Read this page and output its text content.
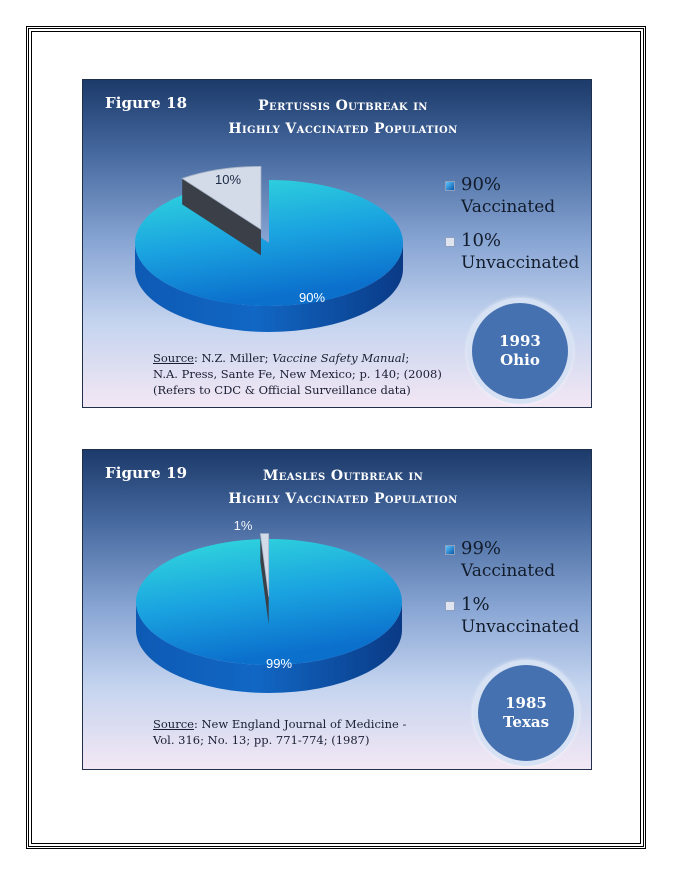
Figure 18	Pertussis Outbreak in
Highly Vaccinated Population
90%
10%	90%
Vaccinated
10%
Unvaccinated
1993
Ohio
Source: N.Z. Miller; Vaccine Safety Manual;
N.A. Press, Sante Fe, New Mexico; p. 140; (2008)
(Refers to CDC & Official Surveillance data)
Figure 19	Measles Outbreak in
Highly Vaccinated Population
99%
1%
99%
Vaccinated
1%
Unvaccinated
1985
Texas
Source: New England Journal of Medicine -
Vol. 316; No. 13; pp. 771-774; (1987)
